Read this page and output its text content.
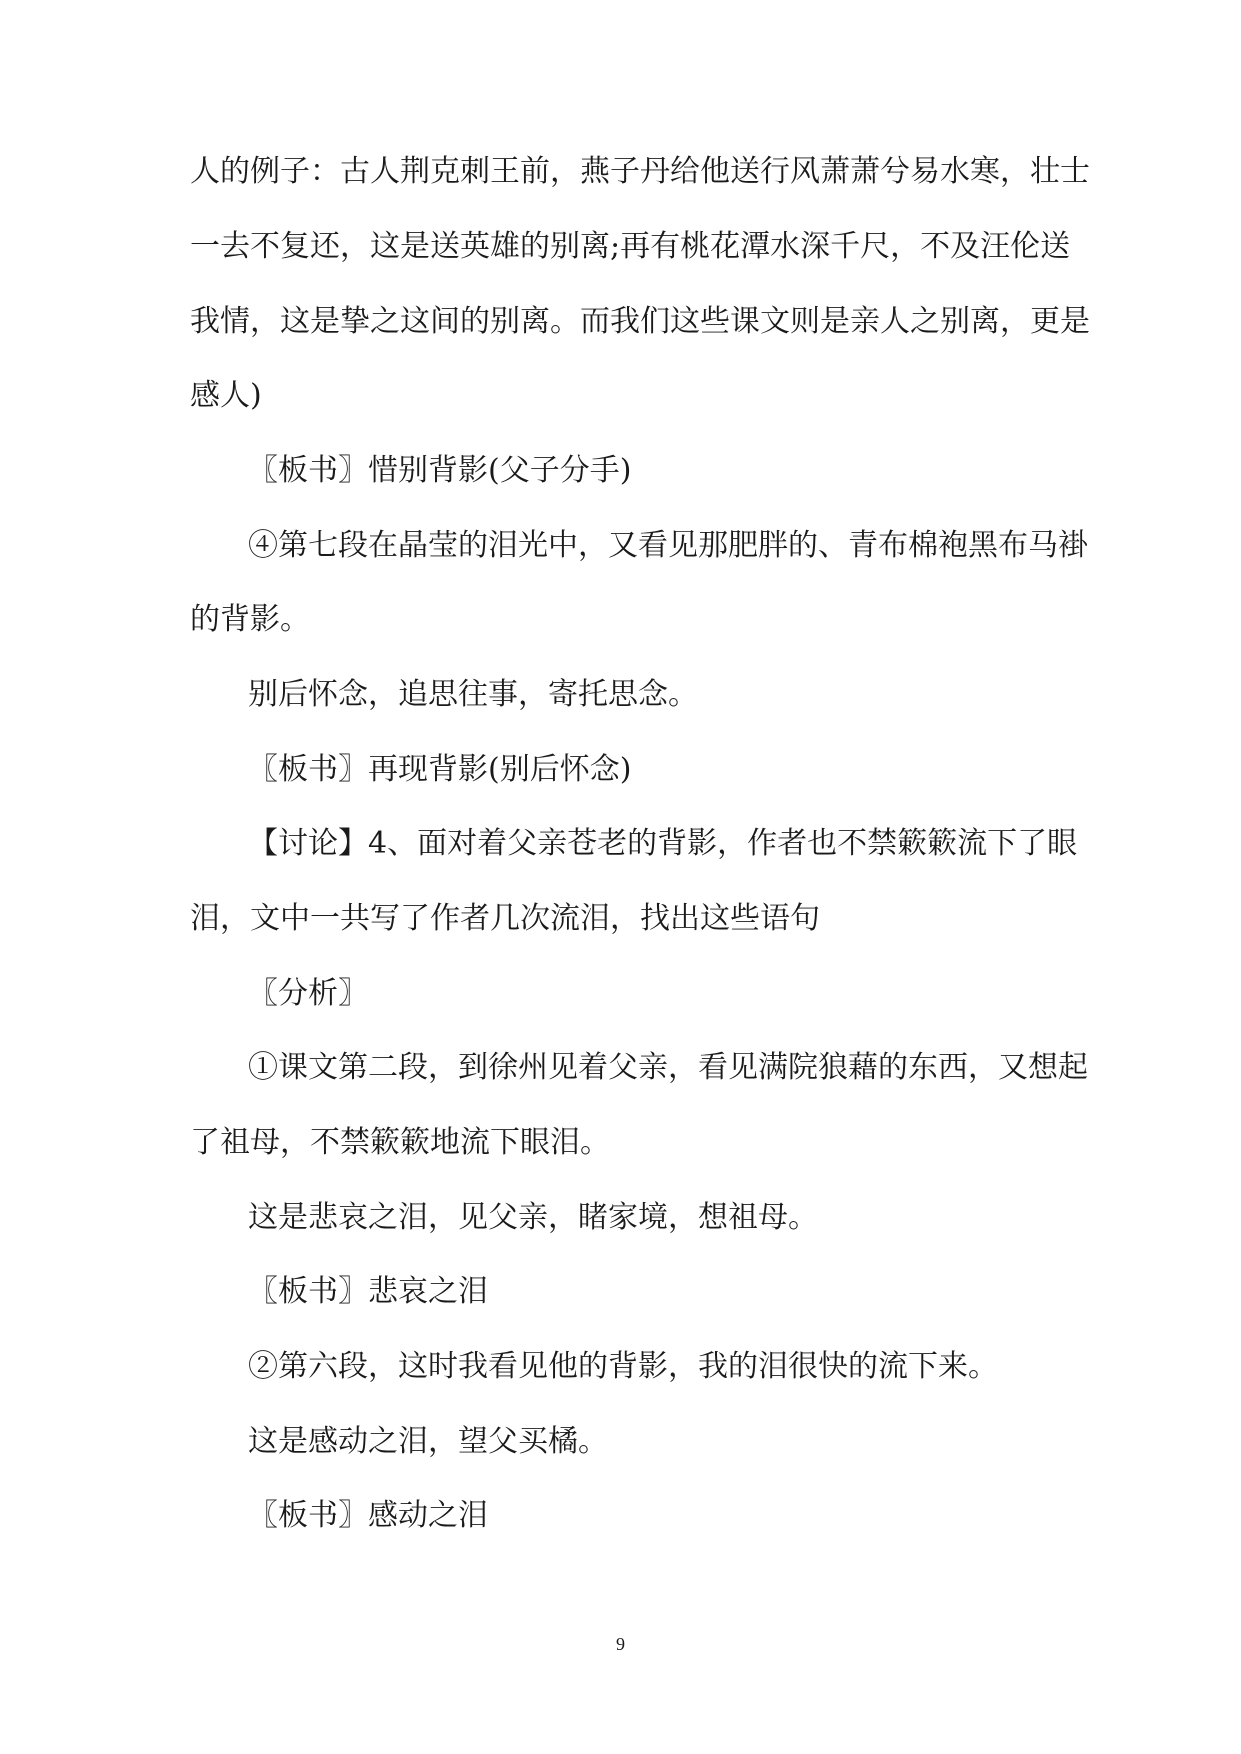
人的例子：古人荆克刺王前，燕子丹给他送行风萧萧兮易水寒，壮士

一去不复还，这是送英雄的别离;再有桃花潭水深千尺，不及汪伦送

我情，这是挚之这间的别离。而我们这些课文则是亲人之别离，更是

感人)

〖板书〗惜别背影(父子分手)

④第七段在晶莹的泪光中，又看见那肥胖的、青布棉袍黑布马褂

的背影。

别后怀念，追思往事，寄托思念。

〖板书〗再现背影(别后怀念)

【讨论】4、面对着父亲苍老的背影，作者也不禁簌簌流下了眼

泪，文中一共写了作者几次流泪，找出这些语句

〖分析〗

①课文第二段，到徐州见着父亲，看见满院狼藉的东西，又想起

了祖母，不禁簌簌地流下眼泪。

这是悲哀之泪，见父亲，睹家境，想祖母。

〖板书〗悲哀之泪

②第六段，这时我看见他的背影，我的泪很快的流下来。

这是感动之泪，望父买橘。

〖板书〗感动之泪

9
